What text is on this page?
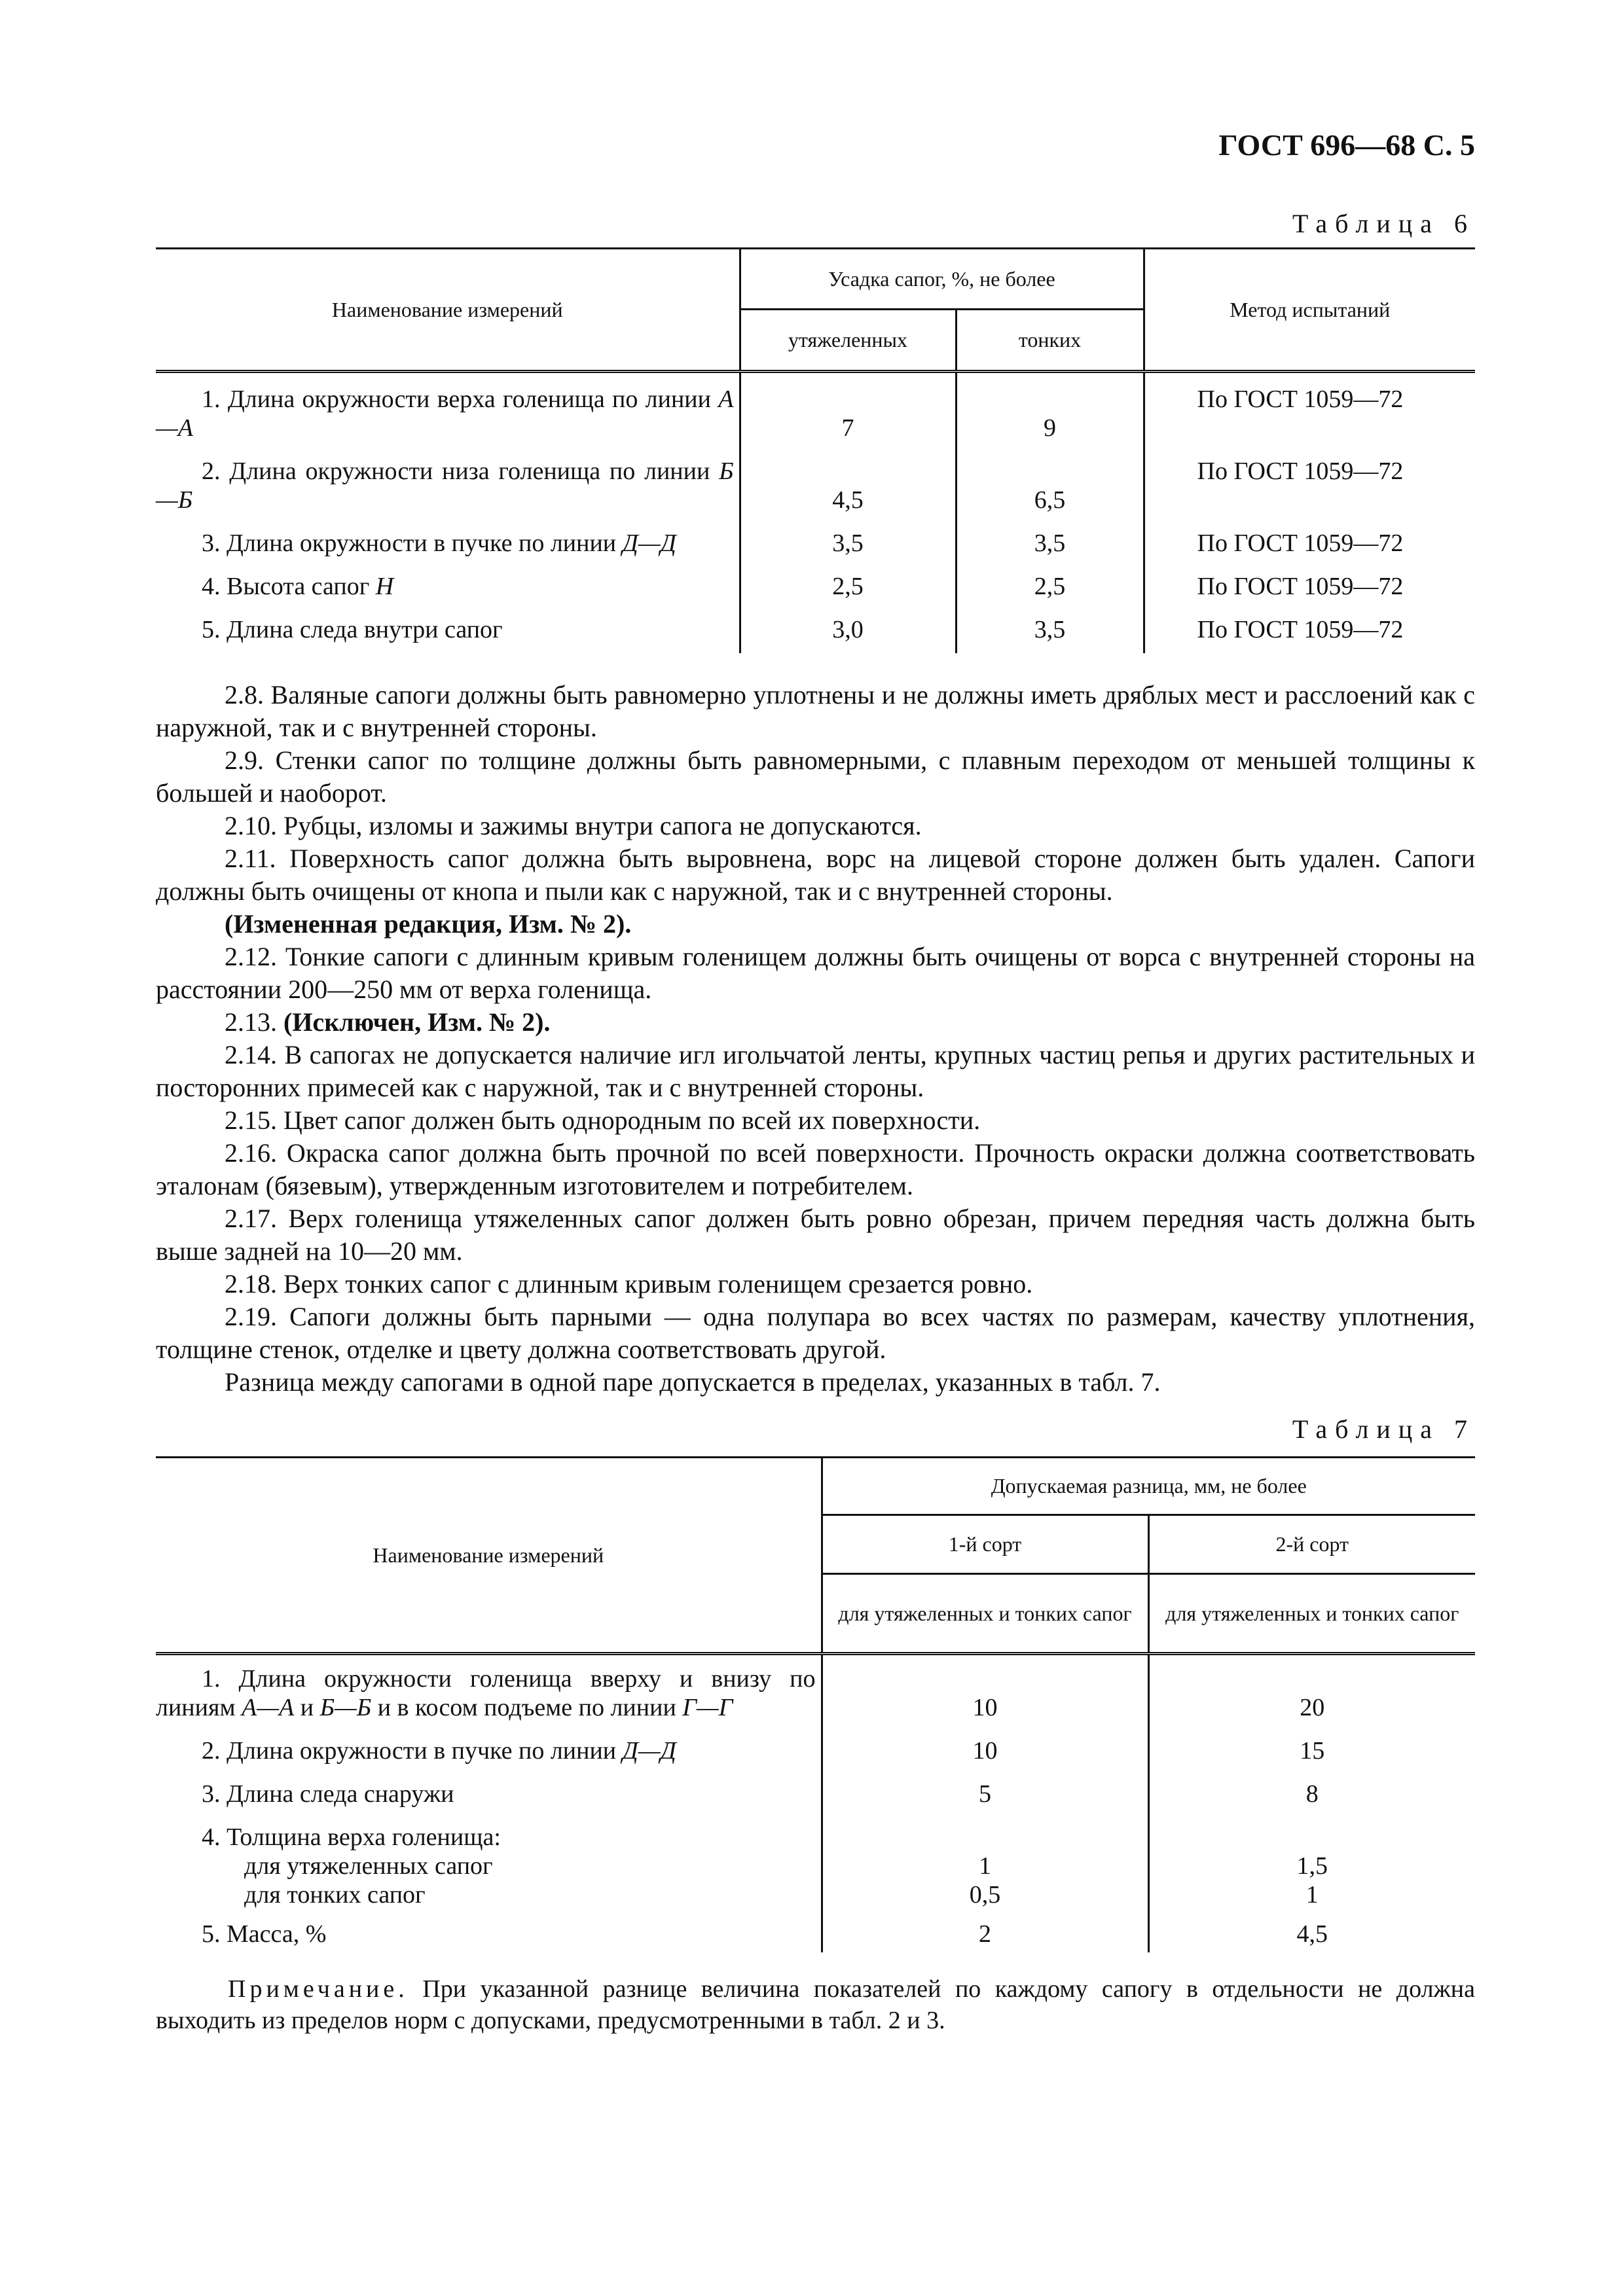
ГОСТ 696—68 С. 5
Таблица 6
Наименование измерений	Усадка сапог, %, не более		Метод испытаний
	утяжеленных	тонких	
1. Длина окружности верха голенища по линии А—А	7	9	По ГОСТ 1059—72
2. Длина окружности низа голенища по линии Б—Б	4,5	6,5	По ГОСТ 1059—72
3. Длина окружности в пучке по линии Д—Д	3,5	3,5	По ГОСТ 1059—72
4. Высота сапог Н	2,5	2,5	По ГОСТ 1059—72
5. Длина следа внутри сапог	3,0	3,5	По ГОСТ 1059—72

2.8. Валяные сапоги должны быть равномерно уплотнены и не должны иметь дряблых мест и расслоений как с наружной, так и с внутренней стороны.

2.9. Стенки сапог по толщине должны быть равномерными, с плавным переходом от меньшей толщины к большей и наоборот.

2.10. Рубцы, изломы и зажимы внутри сапога не допускаются.

2.11. Поверхность сапог должна быть выровнена, ворс на лицевой стороне должен быть удален. Сапоги должны быть очищены от кнопа и пыли как с наружной, так и с внутренней стороны.

(Измененная редакция, Изм. № 2).

2.12. Тонкие сапоги с длинным кривым голенищем должны быть очищены от ворса с внутренней стороны на расстоянии 200—250 мм от верха голенища.

2.13. (Исключен, Изм. № 2).

2.14. В сапогах не допускается наличие игл игольчатой ленты, крупных частиц репья и других растительных и посторонних примесей как с наружной, так и с внутренней стороны.

2.15. Цвет сапог должен быть однородным по всей их поверхности.

2.16. Окраска сапог должна быть прочной по всей поверхности. Прочность окраски должна соответствовать эталонам (бязевым), утвержденным изготовителем и потребителем.

2.17. Верх голенища утяжеленных сапог должен быть ровно обрезан, причем передняя часть должна быть выше задней на 10—20 мм.

2.18. Верх тонких сапог с длинным кривым голенищем срезается ровно.

2.19. Сапоги должны быть парными — одна полупара во всех частях по размерам, качеству уплотнения, толщине стенок, отделке и цвету должна соответствовать другой.

Разница между сапогами в одной паре допускается в пределах, указанных в табл. 7.

Таблица 7
Наименование измерений	Допускаемая разница, мм, не более	
	1-й сорт	2-й сорт
	для утяжеленных и тонких сапог	для утяжеленных и тонких сапог
1. Длина окружности голенища вверху и внизу по линиям А—А и Б—Б и в косом подъеме по линии Г—Г	10	20
2. Длина окружности в пучке по линии Д—Д	10	15
3. Длина следа снаружи	5	8
4. Толщина верха голенища:		
для утяжеленных сапог	1	1,5
для тонких сапог	0,5	1
5. Масса, %	2	4,5
Примечание. При указанной разнице величина показателей по каждому сапогу в отдельности не должна выходить из пределов норм с допусками, предусмотренными в табл. 2 и 3.
